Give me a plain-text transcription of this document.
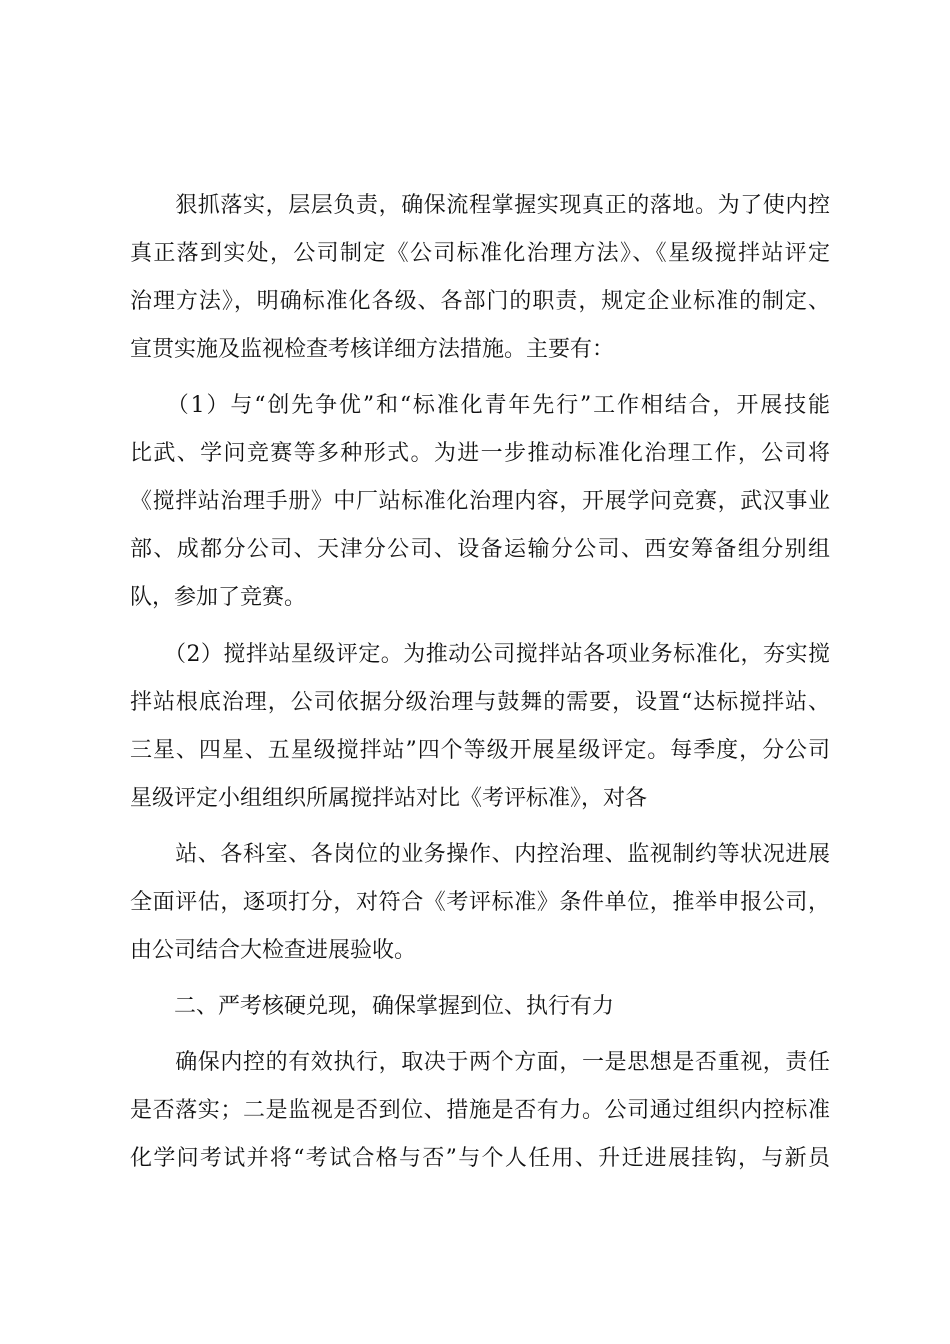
　　狠抓落实，层层负责，确保流程掌握实现真正的落地。为了使内控

真正落到实处，公司制定《公司标准化治理方法》、《星级搅拌站评定

治理方法》，明确标准化各级、各部门的职责，规定企业标准的制定、

宣贯实施及监视检查考核详细方法措施。主要有：

　　（1）与“创先争优”和“标准化青年先行”工作相结合，开展技能

比武、学问竞赛等多种形式。为进一步推动标准化治理工作，公司将

《搅拌站治理手册》中厂站标准化治理内容，开展学问竞赛，武汉事业

部、成都分公司、天津分公司、设备运输分公司、西安筹备组分别组

队，参加了竞赛。

　　（2）搅拌站星级评定。为推动公司搅拌站各项业务标准化，夯实搅

拌站根底治理，公司依据分级治理与鼓舞的需要，设置“达标搅拌站、

三星、四星、五星级搅拌站”四个等级开展星级评定。每季度，分公司

星级评定小组组织所属搅拌站对比《考评标准》，对各

　　站、各科室、各岗位的业务操作、内控治理、监视制约等状况进展

全面评估，逐项打分，对符合《考评标准》条件单位，推举申报公司，

由公司结合大检查进展验收。

　　二、严考核硬兑现，确保掌握到位、执行有力

　　确保内控的有效执行，取决于两个方面，一是思想是否重视，责任

是否落实；二是监视是否到位、措施是否有力。公司通过组织内控标准

化学问考试并将“考试合格与否”与个人任用、升迁进展挂钩，与新员
